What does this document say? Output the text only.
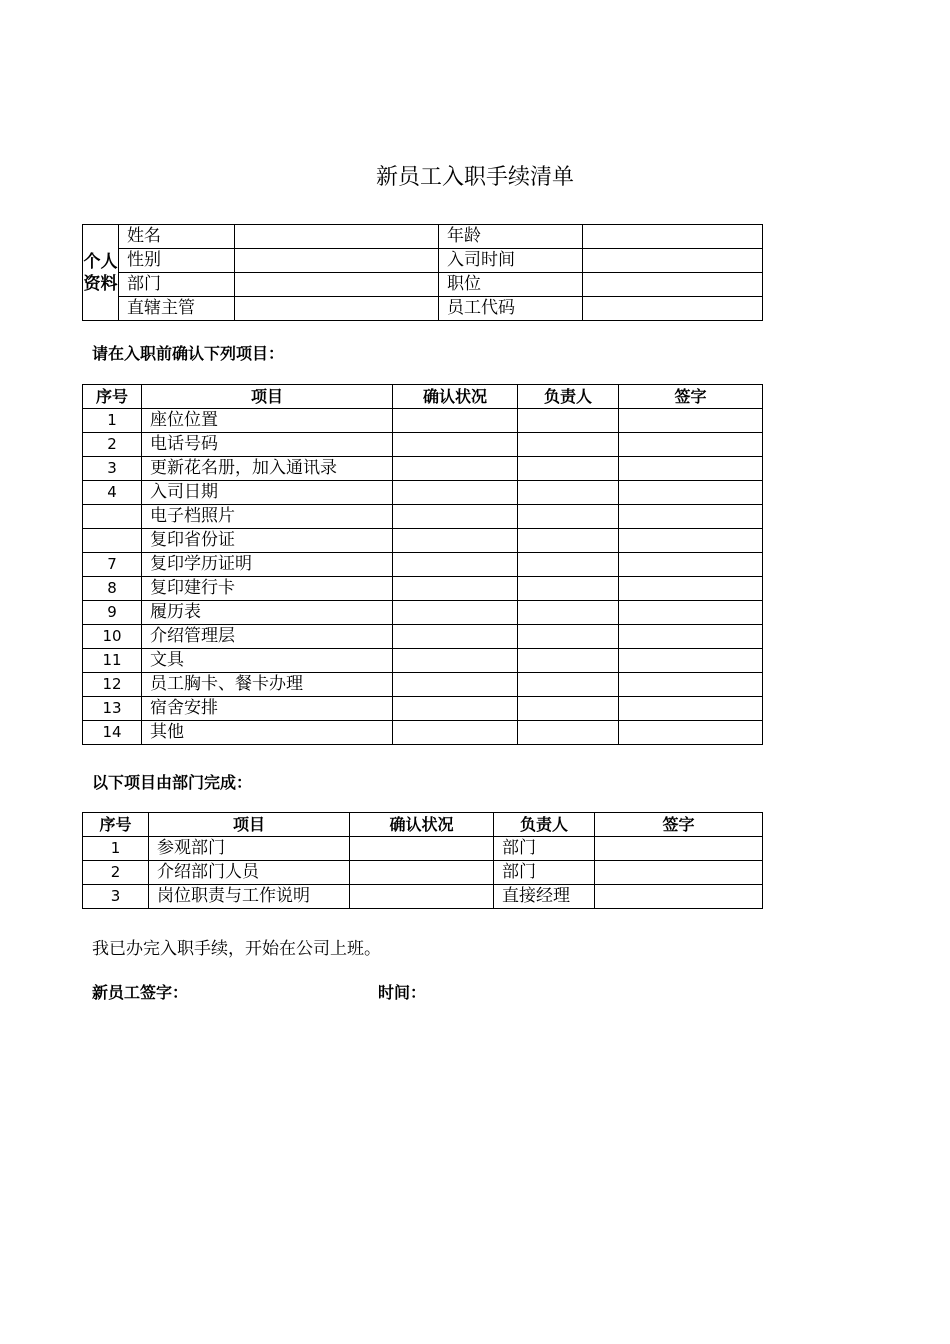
新员工入职手续清单
个人资料	姓名		年龄	
	性别		入司时间	
	部门		职位	
	直辖主管		员工代码	
请在入职前确认下列项目：
序号	项目	确认状况	负责人	签字
1	座位位置			
2	电话号码			
3	更新花名册，加入通讯录			
4	入司日期			
	电子档照片			
	复印省份证			
7	复印学历证明			
8	复印建行卡			
9	履历表			
10	介绍管理层			
11	文具			
12	员工胸卡、餐卡办理			
13	宿舍安排			
14	其他			
以下项目由部门完成：
序号	项目	确认状况	负责人	签字
1	参观部门		部门	
2	介绍部门人员		部门	
3	岗位职责与工作说明		直接经理	
我已办完入职手续，开始在公司上班。
新员工签字：	时间：
